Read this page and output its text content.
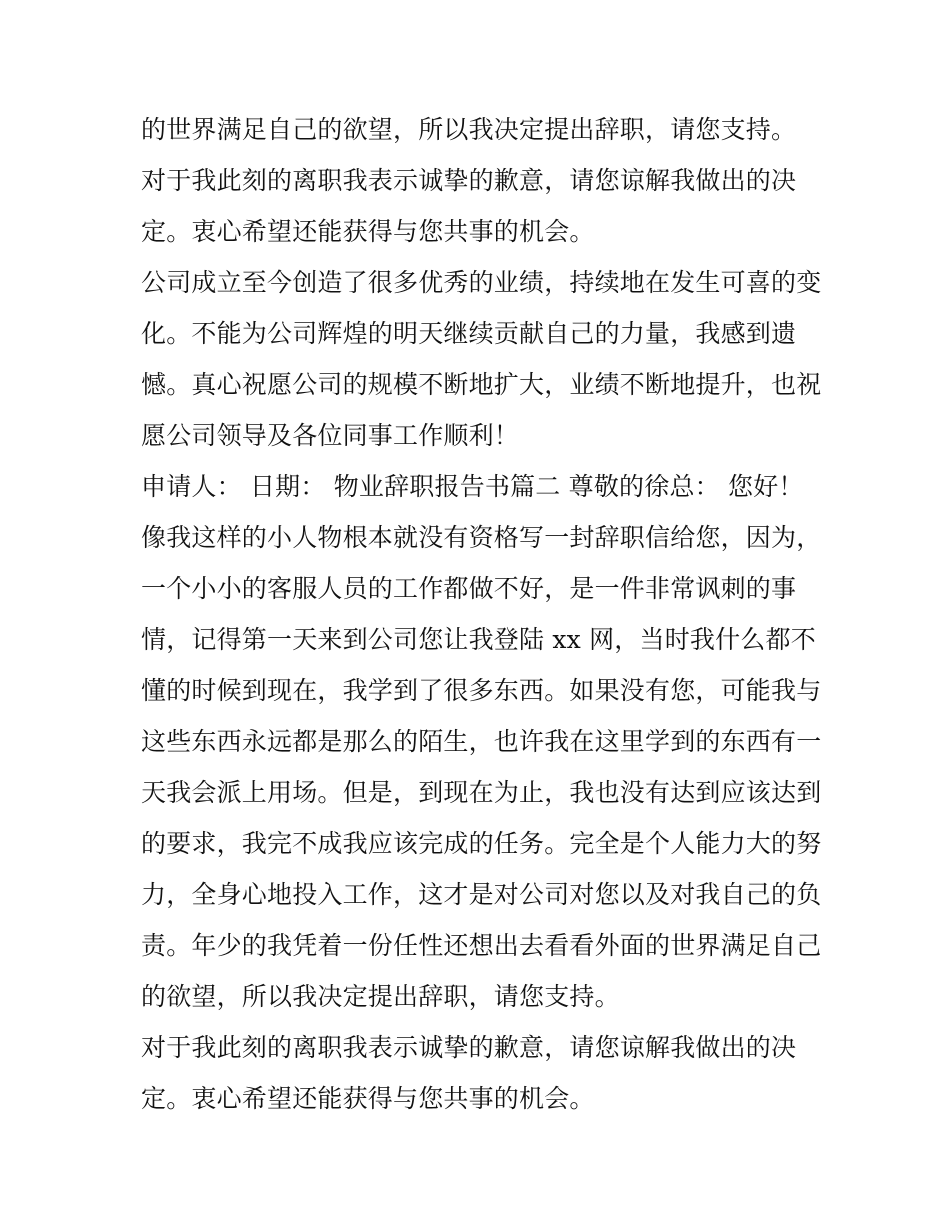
的世界满足自己的欲望，所以我决定提出辞职，请您支持。
对于我此刻的离职我表示诚挚的歉意，请您谅解我做出的决
定。衷心希望还能获得与您共事的机会。
公司成立至今创造了很多优秀的业绩，持续地在发生可喜的变
化。不能为公司辉煌的明天继续贡献自己的力量，我感到遗
憾。真心祝愿公司的规模不断地扩大，业绩不断地提升，也祝
愿公司领导及各位同事工作顺利！
申请人： 日期： 物业辞职报告书篇二 尊敬的徐总： 您好！
像我这样的小人物根本就没有资格写一封辞职信给您，因为，
一个小小的客服人员的工作都做不好，是一件非常讽刺的事
情，记得第一天来到公司您让我登陆 xx 网，当时我什么都不
懂的时候到现在，我学到了很多东西。如果没有您，可能我与
这些东西永远都是那么的陌生，也许我在这里学到的东西有一
天我会派上用场。但是，到现在为止，我也没有达到应该达到
的要求，我完不成我应该完成的任务。完全是个人能力大的努
力，全身心地投入工作，这才是对公司对您以及对我自己的负
责。年少的我凭着一份任性还想出去看看外面的世界满足自己
的欲望，所以我决定提出辞职，请您支持。
对于我此刻的离职我表示诚挚的歉意，请您谅解我做出的决
定。衷心希望还能获得与您共事的机会。
